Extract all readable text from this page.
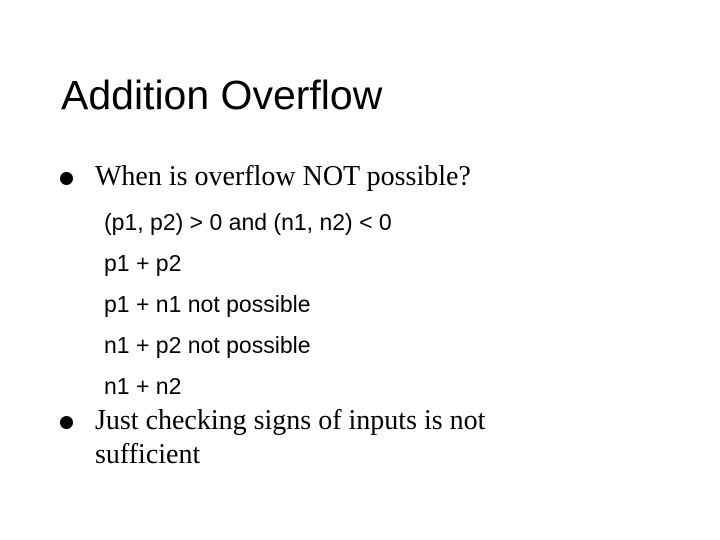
Addition Overflow
When is overflow NOT possible?
(p1, p2) > 0 and (n1, n2) < 0
p1 + p2
p1 + n1 not possible
n1 + p2 not possible
n1 + n2
Just checking signs of inputs is not sufficient
